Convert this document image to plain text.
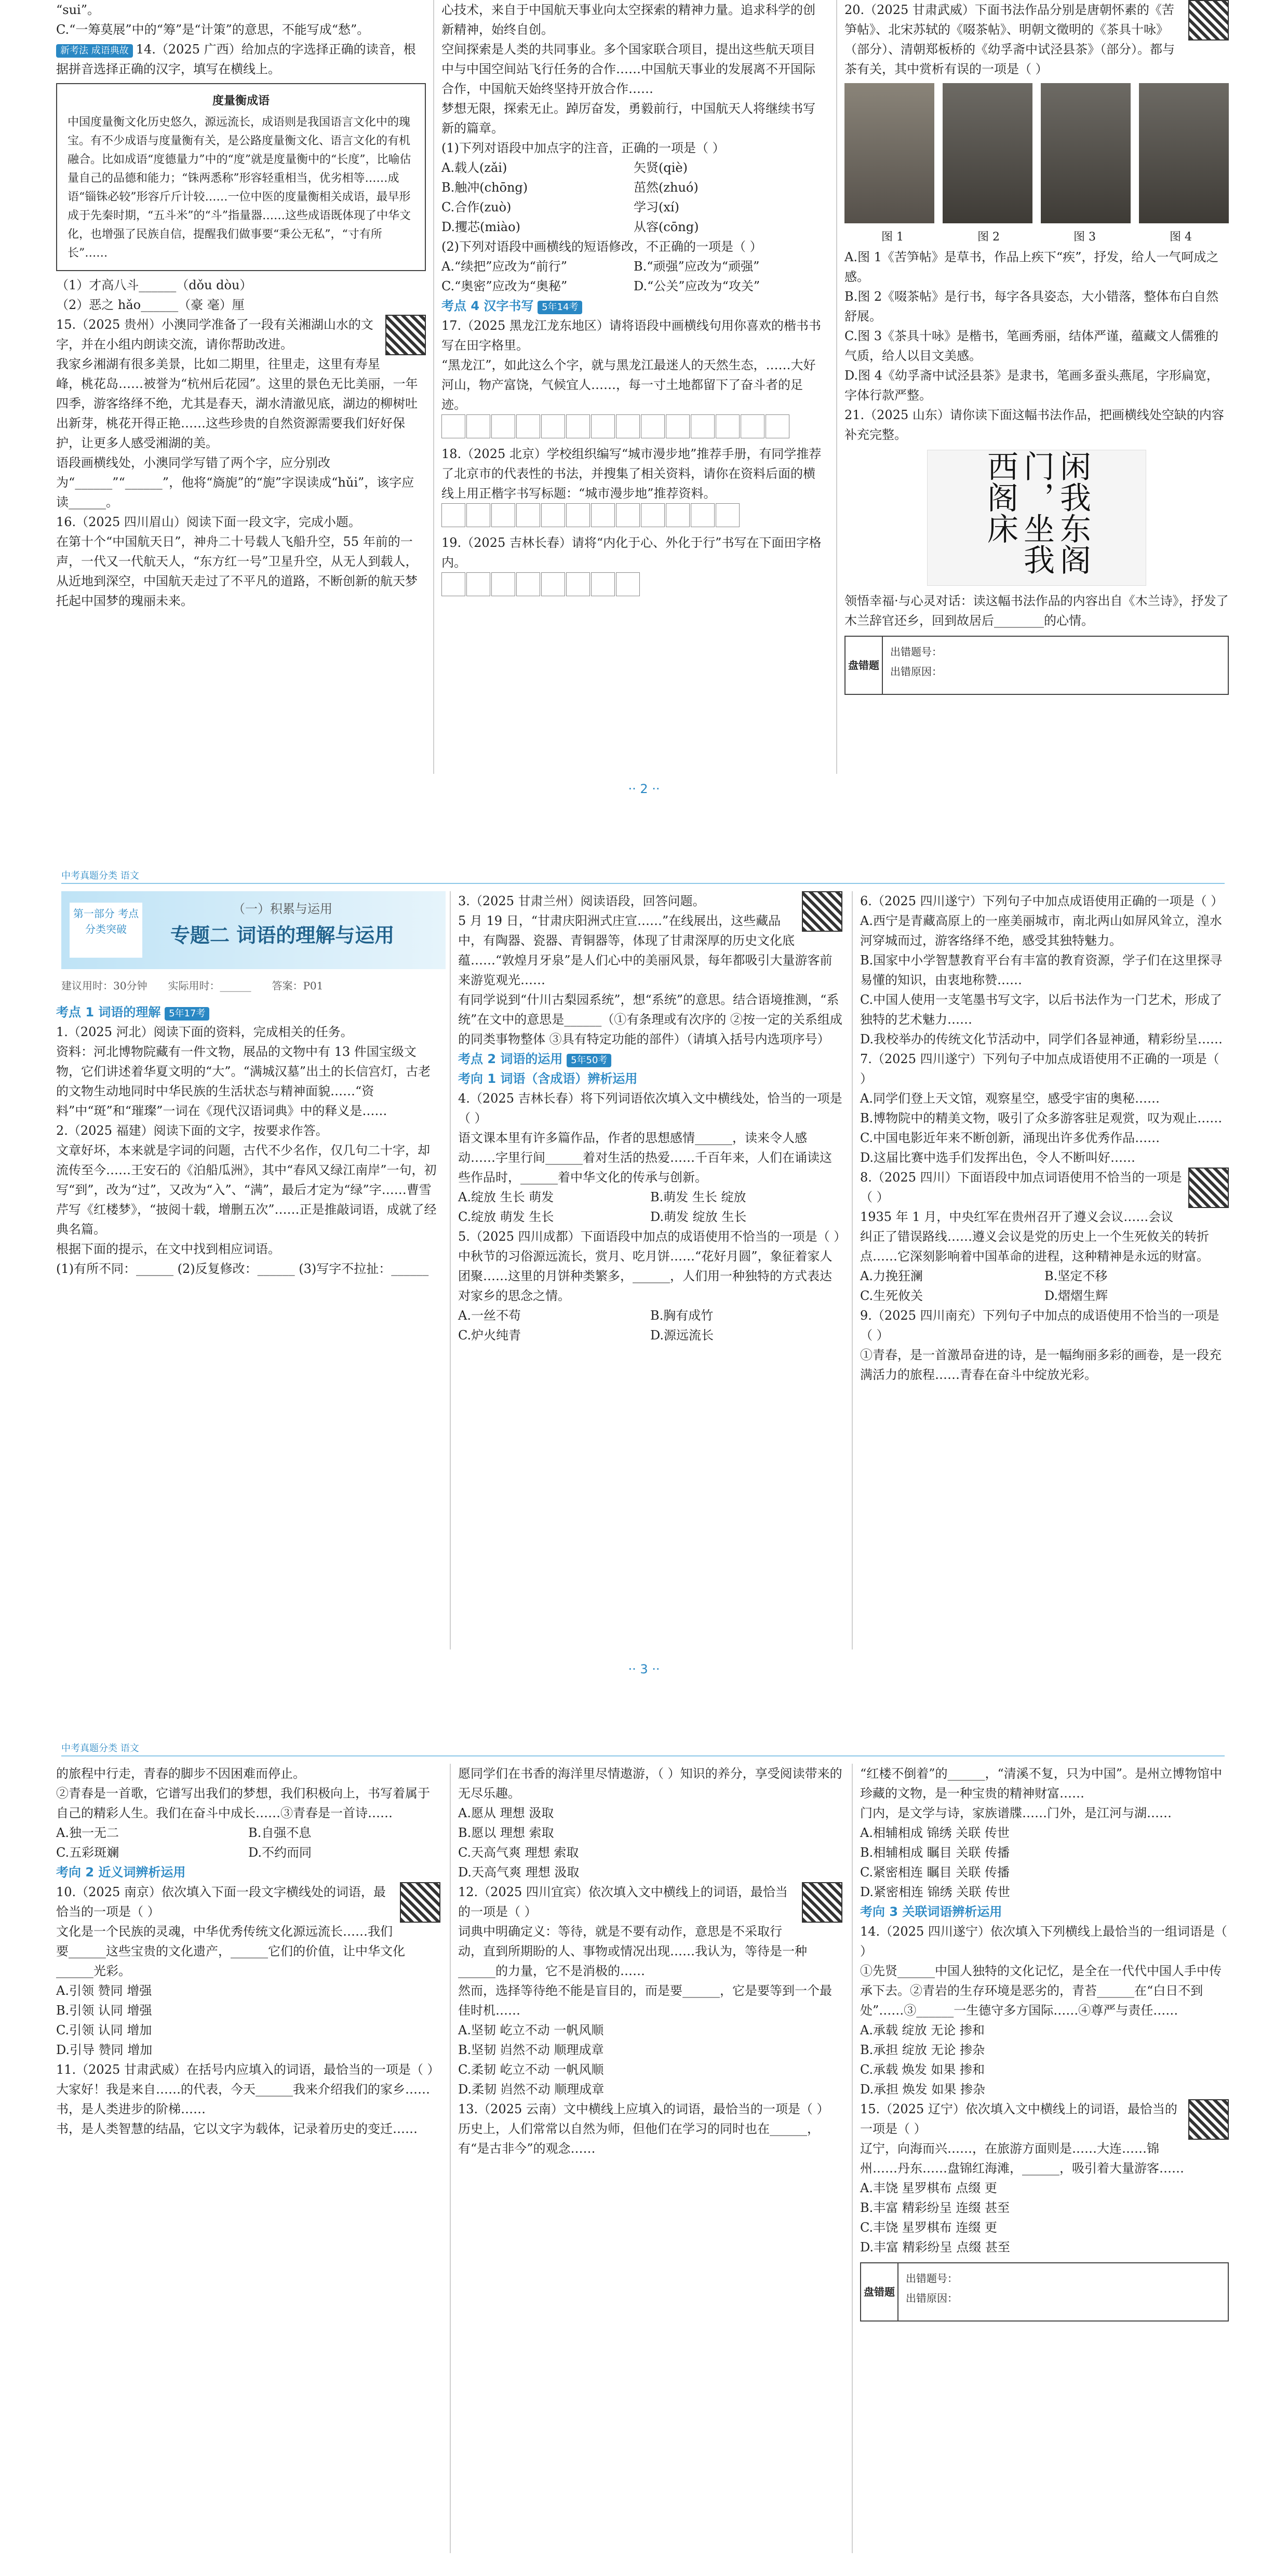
“sui”。

C.“一筹莫展”中的“筹”是“计策”的意思，不能写成“愁”。

新考法 成语典故 14.（2025 广西）给加点的字选择正确的读音，根据拼音选择正确的汉字，填写在横线上。

度量衡成语
中国度量衡文化历史悠久，源远流长，成语则是我国语言文化中的瑰宝。有不少成语与度量衡有关，是公路度量衡文化、语言文化的有机融合。比如成语“度德量力”中的“度”就是度量衡中的“长度”，比喻估量自己的品德和能力；“铢两悉称”形容轻重相当，优劣相等……成语“锱铢必较”形容斤斤计较……一位中医的度量衡相关成语，最早形成于先秦时期，“五斗米”的“斗”指量器……这些成语既体现了中华文化，也增强了民族自信，提醒我们做事要“秉公无私”，“寸有所长”……

（1）才高八斗______（dǒu dòu）

（2）恶之 hǎo______（豪 毫）厘

15.（2025 贵州）小澳同学准备了一段有关湘湖山水的文字，并在小组内朗读交流，请你帮助改进。

我家乡湘湖有很多美景，比如二期里，往里走，这里有寿星峰，桃花岛……被誉为“杭州后花园”。这里的景色无比美丽，一年四季，游客络绎不绝，尤其是春天，湖水清澈见底，湖边的柳树吐出新芽，桃花开得正艳……这些珍贵的自然资源需要我们好好保护，让更多人感受湘湖的美。

语段画横线处，小澳同学写错了两个字，应分别改为“______”“______”，他将“旖旎”的“旎”字误读成“hǔi”，该字应读______。

16.（2025 四川眉山）阅读下面一段文字，完成小题。

在第十个“中国航天日”，神舟二十号载人飞船升空，55 年前的一声，一代又一代航天人，“东方红一号”卫星升空，从无人到载人，从近地到深空，中国航天走过了不平凡的道路，不断创新的航天梦托起中国梦的瑰丽未来。

心技术，来自于中国航天事业向太空探索的精神力量。追求科学的创新精神，始终自创。

空间探索是人类的共同事业。多个国家联合项目，提出这些航天项目中与中国空间站飞行任务的合作……中国航天事业的发展离不开国际合作，中国航天始终坚持开放合作……

梦想无限，探索无止。踔厉奋发，勇毅前行，中国航天人将继续书写新的篇章。

(1)下列对语段中加点字的注音，正确的一项是（ ）

A.载人(zǎi)	矢贤(qiè)
B.触冲(chōng)	茁然(zhuó)
C.合作(zuò)	学习(xí)
D.攫芯(miào)	从容(cōng)

(2)下列对语段中画横线的短语修改，不正确的一项是（ ）

A.“续把”应改为“前行”	B.“顽强”应改为“顽强”
C.“奥密”应改为“奥秘”	D.“公关”应改为“攻关”

考点 4 汉字书写 5年14考

17.（2025 黑龙江龙东地区）请将语段中画横线句用你喜欢的楷书书写在田字格里。

“黑龙江”，如此这么个字，就与黑龙江最迷人的天然生态，……大好河山，物产富饶，气候宜人……，每一寸土地都留下了奋斗者的足迹。

18.（2025 北京）学校组织编写“城市漫步地”推荐手册，有同学推荐了北京市的代表性的书法，并搜集了相关资料，请你在资料后面的横线上用正楷字书写标题：“城市漫步地”推荐资料。

19.（2025 吉林长春）请将“内化于心、外化于行”书写在下面田字格内。

20.（2025 甘肃武威）下面书法作品分别是唐朝怀素的《苦笋帖》、北宋苏轼的《啜茶帖》、明朝文徵明的《茶具十咏》（部分）、清朝郑板桥的《幼孚斋中试泾县茶》（部分）。都与茶有关，其中赏析有误的一项是（ ）

图 1	图 2	图 3	图 4

A.图 1《苦笋帖》是草书，作品上疾下“疾”，抒发，给人一气呵成之感。

B.图 2《啜茶帖》是行书，每字各具姿态，大小错落，整体布白自然舒展。

C.图 3《茶具十咏》是楷书，笔画秀丽，结体严谨，蕴藏文人儒雅的气质，给人以目文美感。

D.图 4《幼孚斋中试泾县茶》是隶书，笔画多蚕头燕尾，字形扁宽，字体行款严整。

21.（2025 山东）请你读下面这幅书法作品，把画横线处空缺的内容补充完整。

闲我东阁门，坐我西阁床

领悟幸福·与心灵对话：读这幅书法作品的内容出自《木兰诗》，抒发了木兰辞官还乡，回到故居后________的心情。

盘错题
出错题号：
出错原因：
·· 2 ··
中考真题分类 语文
第一部分 考点分类突破
（一）积累与运用
专题二 词语的理解与运用
建议用时：30分钟 实际用时：______ 答案：P01

考点 1 词语的理解 5年17考

1.（2025 河北）阅读下面的资料，完成相关的任务。

资料：河北博物院藏有一件文物，展品的文物中有 13 件国宝级文物，它们讲述着华夏文明的“大”。“满城汉墓”出土的长信宫灯，古老的文物生动地同时中华民族的生活状态与精神面貌……“资料”中“斑”和“璀璨”一词在《现代汉语词典》中的释义是……

2.（2025 福建）阅读下面的文字，按要求作答。

文章好坏，本来就是字词的问题，古代不少名作，仅几句二十字，却流传至今……王安石的《泊船瓜洲》，其中“春风又绿江南岸”一句，初写“到”，改为“过”，又改为“入”、“满”，最后才定为“绿”字……曹雪芹写《红楼梦》，“披阅十载，增删五次”……正是推敲词语，成就了经典名篇。

根据下面的提示，在文中找到相应词语。

(1)有所不同：______ (2)反复修改：______ (3)写字不拉扯：______

3.（2025 甘肃兰州）阅读语段，回答问题。

5 月 19 日，“甘肃庆阳洲式庄宣……”在线展出，这些藏品中，有陶器、瓷器、青铜器等，体现了甘肃深厚的历史文化底蕴……“敦煌月牙泉”是人们心中的美丽风景，每年都吸引大量游客前来游览观光……

有同学说到“什川古梨园系统”，想“系统”的意思。结合语境推测，“系统”在文中的意思是______（①有条理或有次序的 ②按一定的关系组成的同类事物整体 ③具有特定功能的部件）（请填入括号内选项序号）

考点 2 词语的运用 5年50考

考向 1 词语（含成语）辨析运用

4.（2025 吉林长春）将下列词语依次填入文中横线处，恰当的一项是（ ）

语文课本里有许多篇作品，作者的思想感情______，读来令人感动……字里行间______着对生活的热爱……千百年来，人们在诵读这些作品时，______着中华文化的传承与创新。

A.绽放 生长 萌发	B.萌发 生长 绽放
C.绽放 萌发 生长	D.萌发 绽放 生长

5.（2025 四川成都）下面语段中加点的成语使用不恰当的一项是（ ）

中秋节的习俗源远流长，赏月、吃月饼……“花好月圆”，象征着家人团聚……这里的月饼种类繁多，______，人们用一种独特的方式表达对家乡的思念之情。

A.一丝不苟	B.胸有成竹
C.炉火纯青	D.源远流长

6.（2025 四川遂宁）下列句子中加点成语使用正确的一项是（ ）

A.西宁是青藏高原上的一座美丽城市，南北两山如屏风耸立，湟水河穿城而过，游客络绎不绝，感受其独特魅力。

B.国家中小学智慧教育平台有丰富的教育资源，学子们在这里探寻易懂的知识，由衷地称赞……

C.中国人使用一支笔墨书写文字，以后书法作为一门艺术，形成了独特的艺术魅力……

D.我校举办的传统文化节活动中，同学们各显神通，精彩纷呈……

7.（2025 四川遂宁）下列句子中加点成语使用不正确的一项是（ ）

A.同学们登上天文馆，观察星空，感受宇宙的奥秘……

B.博物院中的精美文物，吸引了众多游客驻足观赏，叹为观止……

C.中国电影近年来不断创新，涌现出许多优秀作品……

D.这届比赛中选手们发挥出色，令人不断叫好……

8.（2025 四川）下面语段中加点词语使用不恰当的一项是（ ）

1935 年 1 月，中央红军在贵州召开了遵义会议……会议纠正了错误路线……遵义会议是党的历史上一个生死攸关的转折点……它深刻影响着中国革命的进程，这种精神是永远的财富。

A.力挽狂澜	B.坚定不移
C.生死攸关	D.熠熠生辉

9.（2025 四川南充）下列句子中加点的成语使用不恰当的一项是（ ）

①青春，是一首激昂奋进的诗，是一幅绚丽多彩的画卷，是一段充满活力的旅程……青春在奋斗中绽放光彩。

·· 3 ··
中考真题分类 语文

的旅程中行走，青春的脚步不因困难而停止。

②青春是一首歌，它谱写出我们的梦想，我们积极向上，书写着属于自己的精彩人生。我们在奋斗中成长……③青春是一首诗……

A.独一无二	B.自强不息
C.五彩斑斓	D.不约而同

考向 2 近义词辨析运用

10.（2025 南京）依次填入下面一段文字横线处的词语，最恰当的一项是（ ）

文化是一个民族的灵魂，中华优秀传统文化源远流长……我们要______这些宝贵的文化遗产，______它们的价值，让中华文化______光彩。

A.引领 赞同 增强

B.引领 认同 增强

C.引领 认同 增加

D.引导 赞同 增加

11.（2025 甘肃武威）在括号内应填入的词语，最恰当的一项是（ ）

大家好！我是来自……的代表，今天______我来介绍我们的家乡……书，是人类进步的阶梯……

书，是人类智慧的结晶，它以文字为载体，记录着历史的变迁……

愿同学们在书香的海洋里尽情遨游，（ ）知识的养分，享受阅读带来的无尽乐趣。

A.愿从 理想 汲取

B.愿以 理想 索取

C.天高气爽 理想 索取

D.天高气爽 理想 汲取

12.（2025 四川宜宾）依次填入文中横线上的词语，最恰当的一项是（ ）

词典中明确定义：等待，就是不要有动作，意思是不采取行动，直到所期盼的人、事物或情况出现……我认为，等待是一种______的力量，它不是消极的……

然而，选择等待绝不能是盲目的，而是要______，它是要等到一个最佳时机……

A.坚韧 屹立不动 一帆风顺

B.坚韧 岿然不动 顺理成章

C.柔韧 屹立不动 一帆风顺

D.柔韧 岿然不动 顺理成章

13.（2025 云南）文中横线上应填入的词语，最恰当的一项是（ ）

历史上，人们常常以自然为师，但他们在学习的同时也在______，有“是古非今”的观念……

“红楼不倒着”的______，“清溪不复，只为中国”。是州立博物馆中珍藏的文物，是一种宝贵的精神财富……

门内，是文学与诗，家族谱牒……门外，是江河与湖……

A.相辅相成 锦绣 关联 传世

B.相辅相成 瞩目 关联 传播

C.紧密相连 瞩目 关联 传播

D.紧密相连 锦绣 关联 传世

考向 3 关联词语辨析运用

14.（2025 四川遂宁）依次填入下列横线上最恰当的一组词语是（ ）

①先贤______中国人独特的文化记忆，是全在一代代中国人手中传承下去。②青岩的生存环境是恶劣的，青苔______在“白日不到处”……③______一生德守多方国际……④尊严与责任……

A.承载 绽放 无论 掺和

B.承担 绽放 无论 掺杂

C.承载 焕发 如果 掺和

D.承担 焕发 如果 掺杂

15.（2025 辽宁）依次填入文中横线上的词语，最恰当的一项是（ ）

辽宁，向海而兴……，在旅游方面则是……大连……锦州……丹东……盘锦红海滩，______，吸引着大量游客……

A.丰饶 星罗棋布 点缀 更

B.丰富 精彩纷呈 连缀 甚至

C.丰饶 星罗棋布 连缀 更

D.丰富 精彩纷呈 点缀 甚至

盘错题
出错题号：
出错原因：
